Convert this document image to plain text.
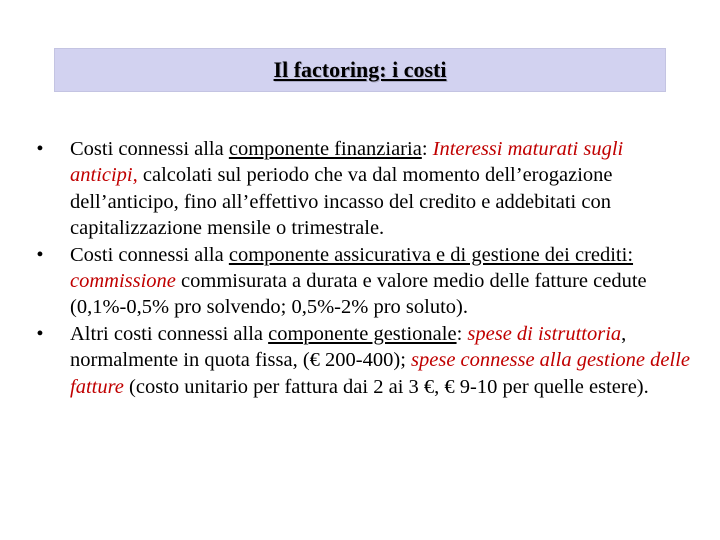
Il factoring: i costi
•	Costi connessi alla componente finanziaria: Interessi maturati sugli anticipi, calcolati sul periodo che va dal momento dell’erogazione dell’anticipo, fino all’effettivo incasso del credito e addebitati con capitalizzazione mensile o trimestrale.
•	Costi connessi alla componente assicurativa e di gestione dei crediti: commissione commisurata a durata e valore medio delle fatture cedute (0,1%-0,5% pro solvendo; 0,5%-2% pro soluto).
•	Altri costi connessi alla componente gestionale: spese di istruttoria, normalmente in quota fissa, (€ 200-400); spese connesse alla gestione delle fatture (costo unitario per fattura dai 2 ai 3 €, € 9-10 per quelle estere).
